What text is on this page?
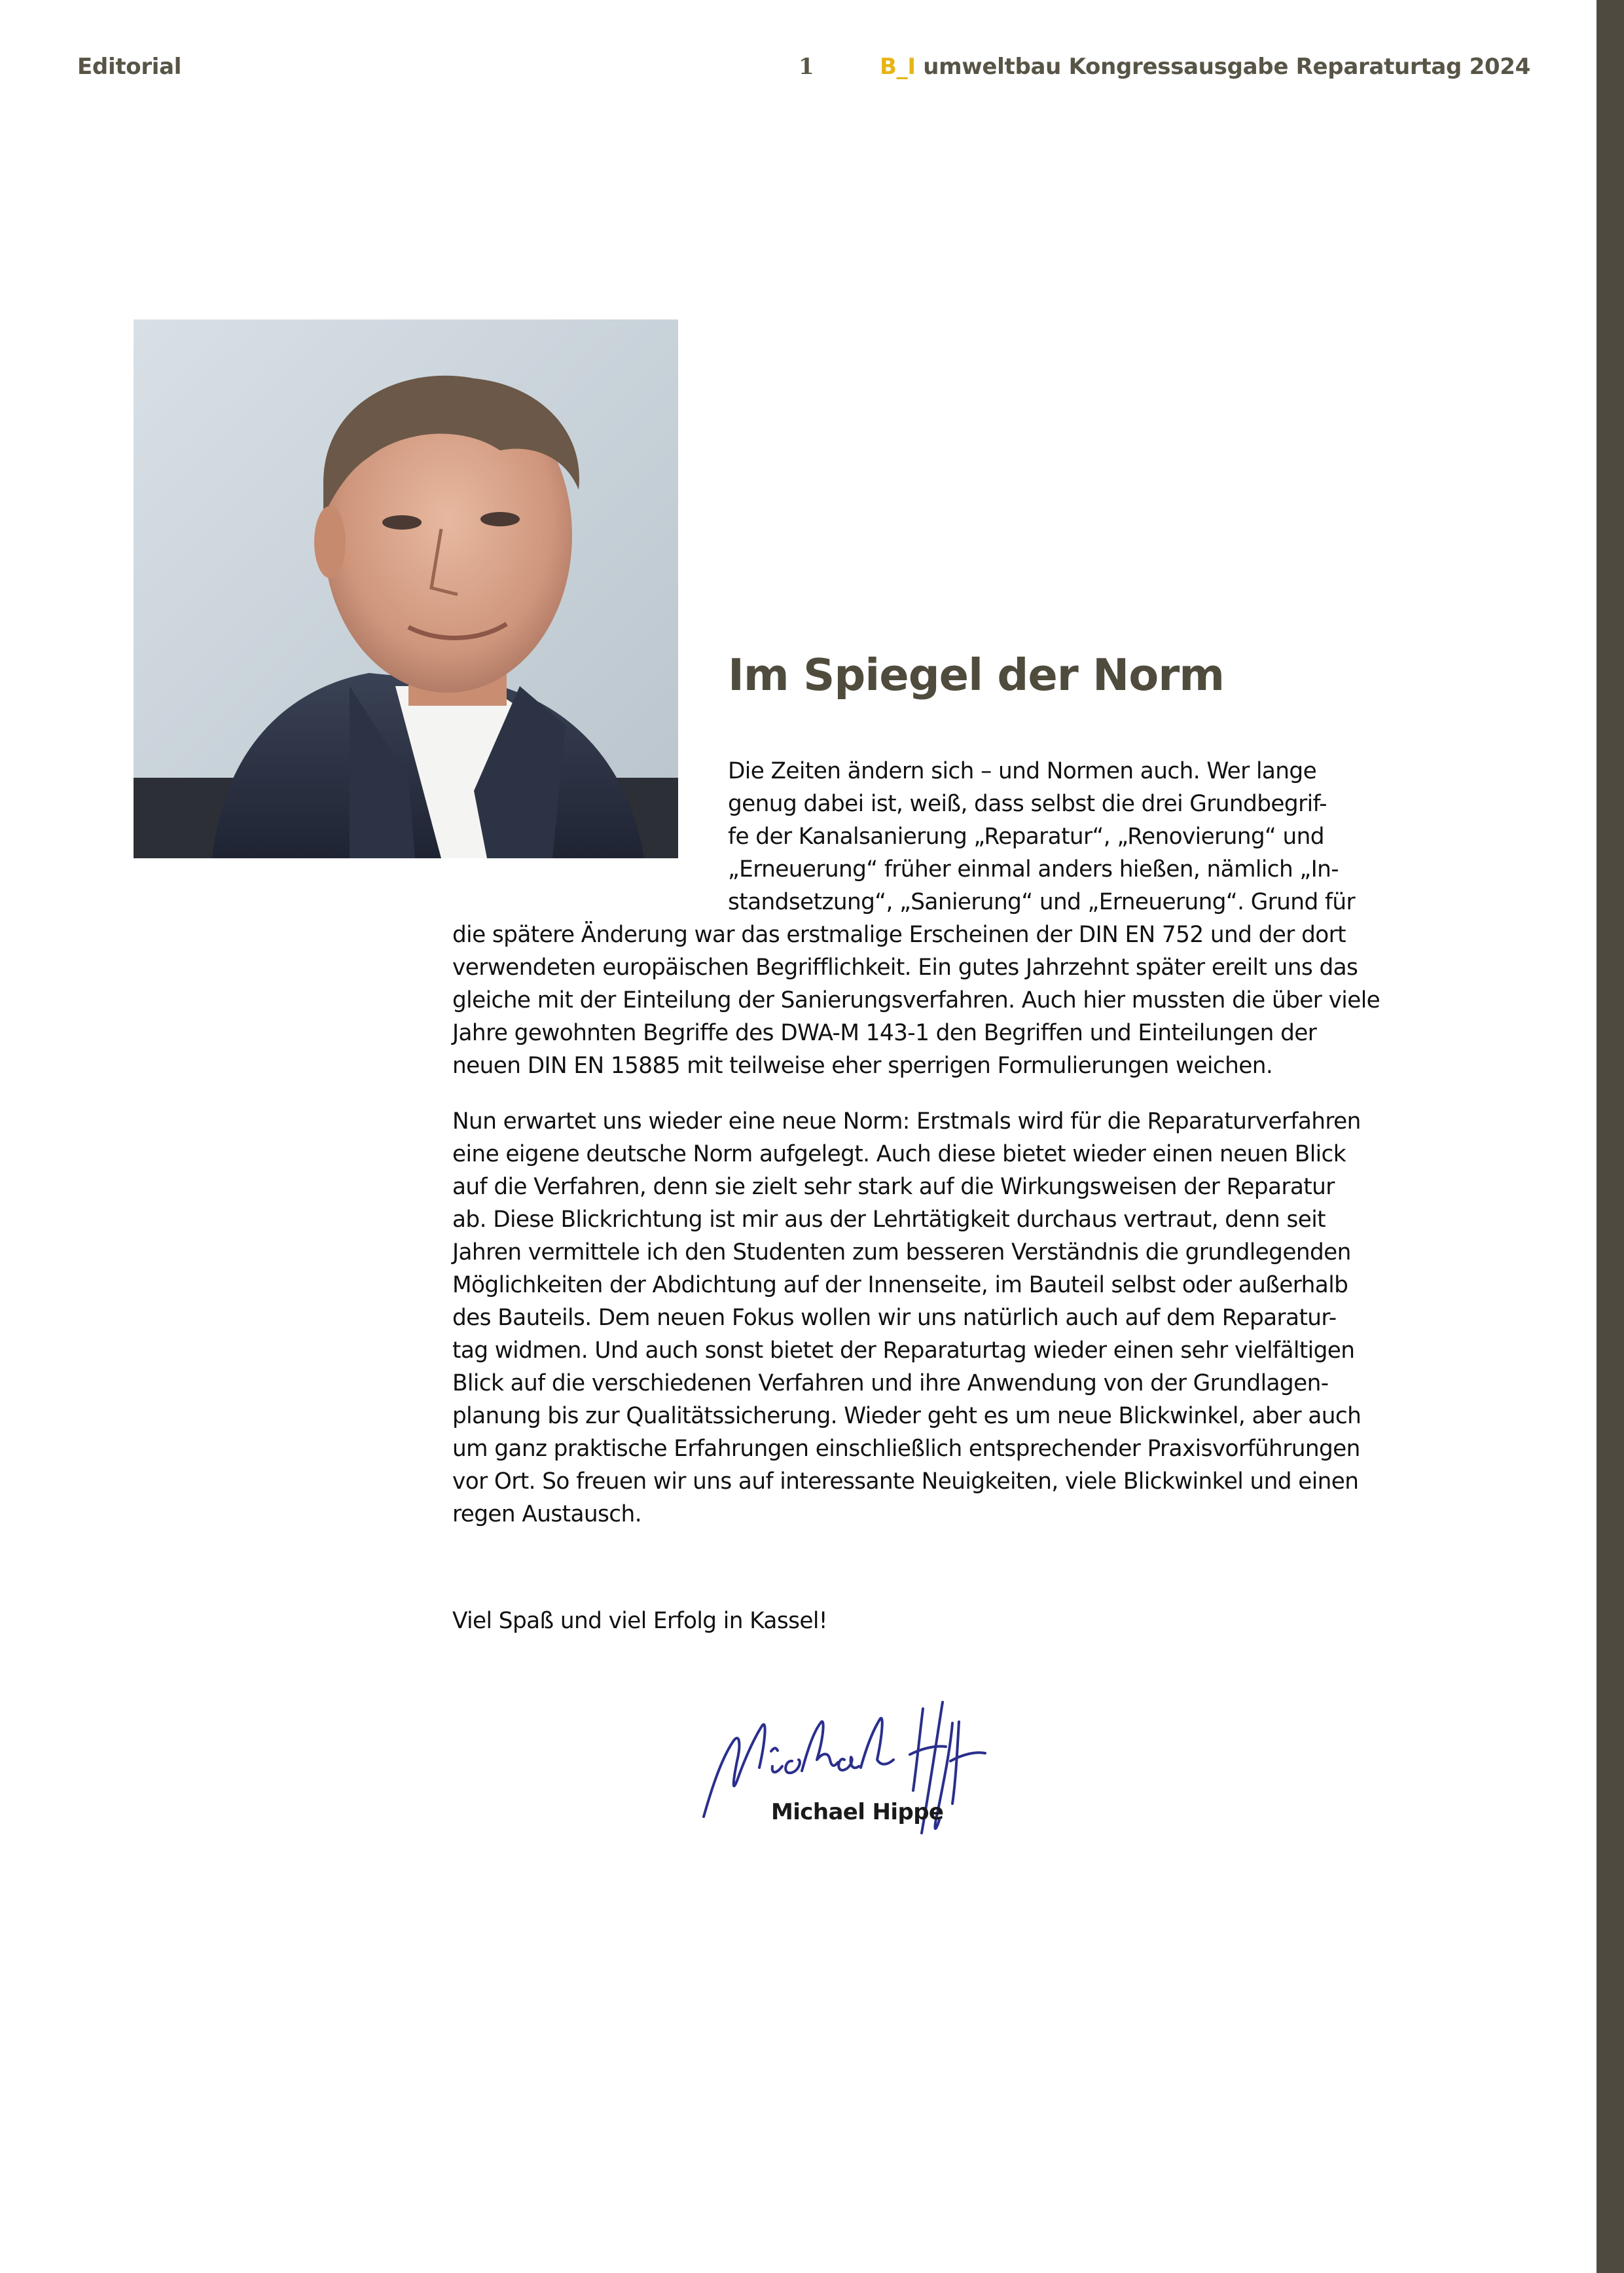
Editorial	1	B_I umweltbau Kongressausgabe Reparaturtag 2024
Im Spiegel der Norm
Die Zeiten ändern sich – und Normen auch. Wer lange
genug dabei ist, weiß, dass selbst die drei Grundbegrif-
fe der Kanalsanierung „Reparatur“, „Renovierung“ und
„Erneuerung“ früher einmal anders hießen, nämlich „In-
standsetzung“, „Sanierung“ und „Erneuerung“. Grund für
die spätere Änderung war das erstmalige Erscheinen der DIN EN 752 und der dort
verwendeten europäischen Begrifflichkeit. Ein gutes Jahrzehnt später ereilt uns das
gleiche mit der Einteilung der Sanierungsverfahren. Auch hier mussten die über viele
Jahre gewohnten Begriffe des DWA-M 143-1 den Begriffen und Einteilungen der
neuen DIN EN 15885 mit teilweise eher sperrigen Formulierungen weichen.
Nun erwartet uns wieder eine neue Norm: Erstmals wird für die Reparaturverfahren
eine eigene deutsche Norm aufgelegt. Auch diese bietet wieder einen neuen Blick
auf die Verfahren, denn sie zielt sehr stark auf die Wirkungsweisen der Reparatur
ab. Diese Blickrichtung ist mir aus der Lehrtätigkeit durchaus vertraut, denn seit
Jahren vermittele ich den Studenten zum besseren Verständnis die grundlegenden
Möglichkeiten der Abdichtung auf der Innenseite, im Bauteil selbst oder außerhalb
des Bauteils. Dem neuen Fokus wollen wir uns natürlich auch auf dem Reparatur-
tag widmen. Und auch sonst bietet der Reparaturtag wieder einen sehr vielfältigen
Blick auf die verschiedenen Verfahren und ihre Anwendung von der Grundlagen-
planung bis zur Qualitätssicherung. Wieder geht es um neue Blickwinkel, aber auch
um ganz praktische Erfahrungen einschließlich entsprechender Praxisvorführungen
vor Ort. So freuen wir uns auf interessante Neuigkeiten, viele Blickwinkel und einen
regen Austausch.
Viel Spaß und viel Erfolg in Kassel!
Michael Hippe
